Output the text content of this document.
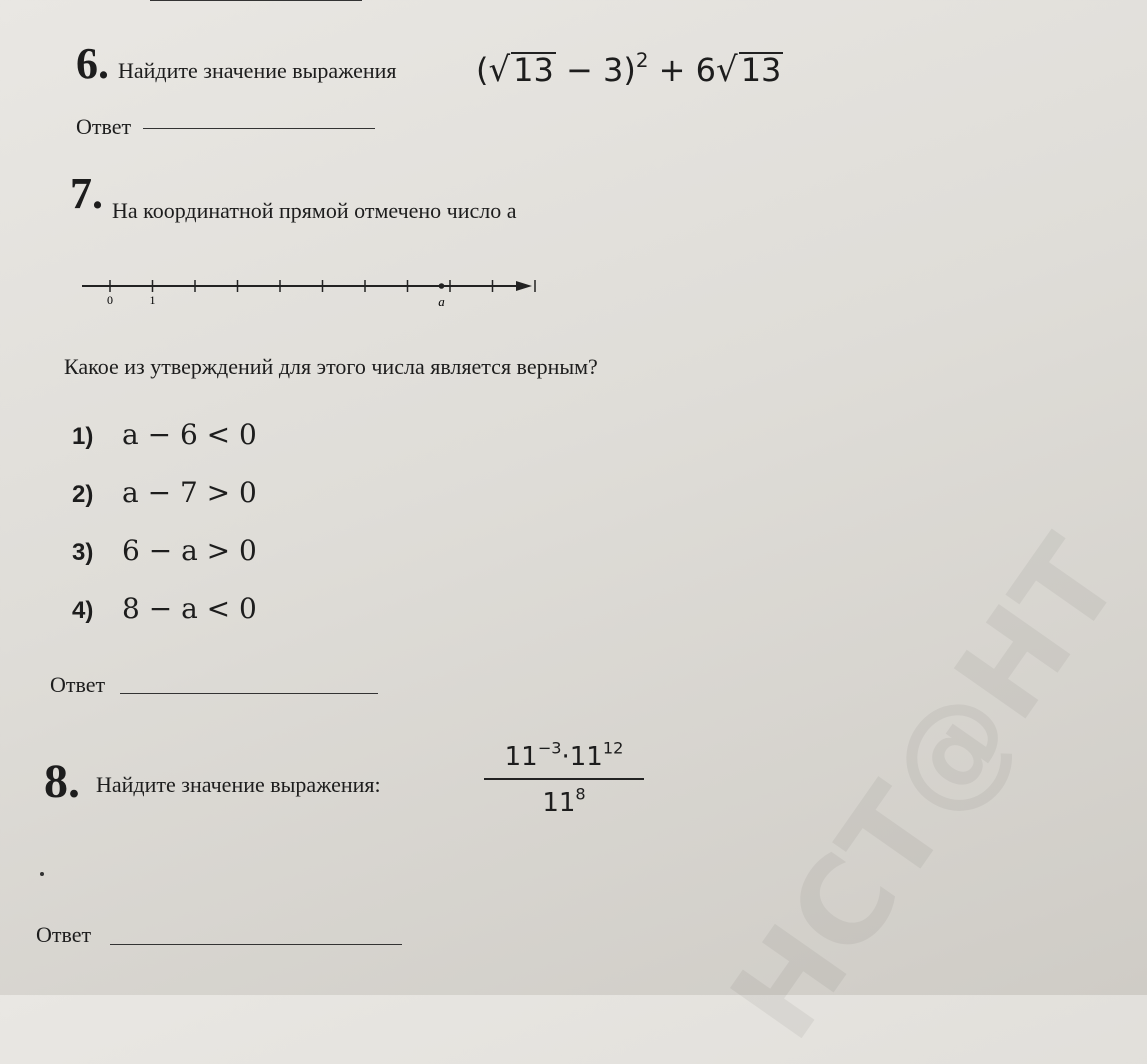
НСТ@НТ
6. Найдите значение выражения $(√13 - 3)^2 + 6√13$
Ответ
7. На координатной прямой отмечено число а
0	1	a
Какое из утверждений для этого числа является верным?
1) a − 6 < 0
2) a − 7 > 0
3) 6 − a > 0
4) 8 − a < 0
Ответ
8. Найдите значение выражения:
$11^{-3}\cdot 11^{12}$
$11^8$
Ответ
